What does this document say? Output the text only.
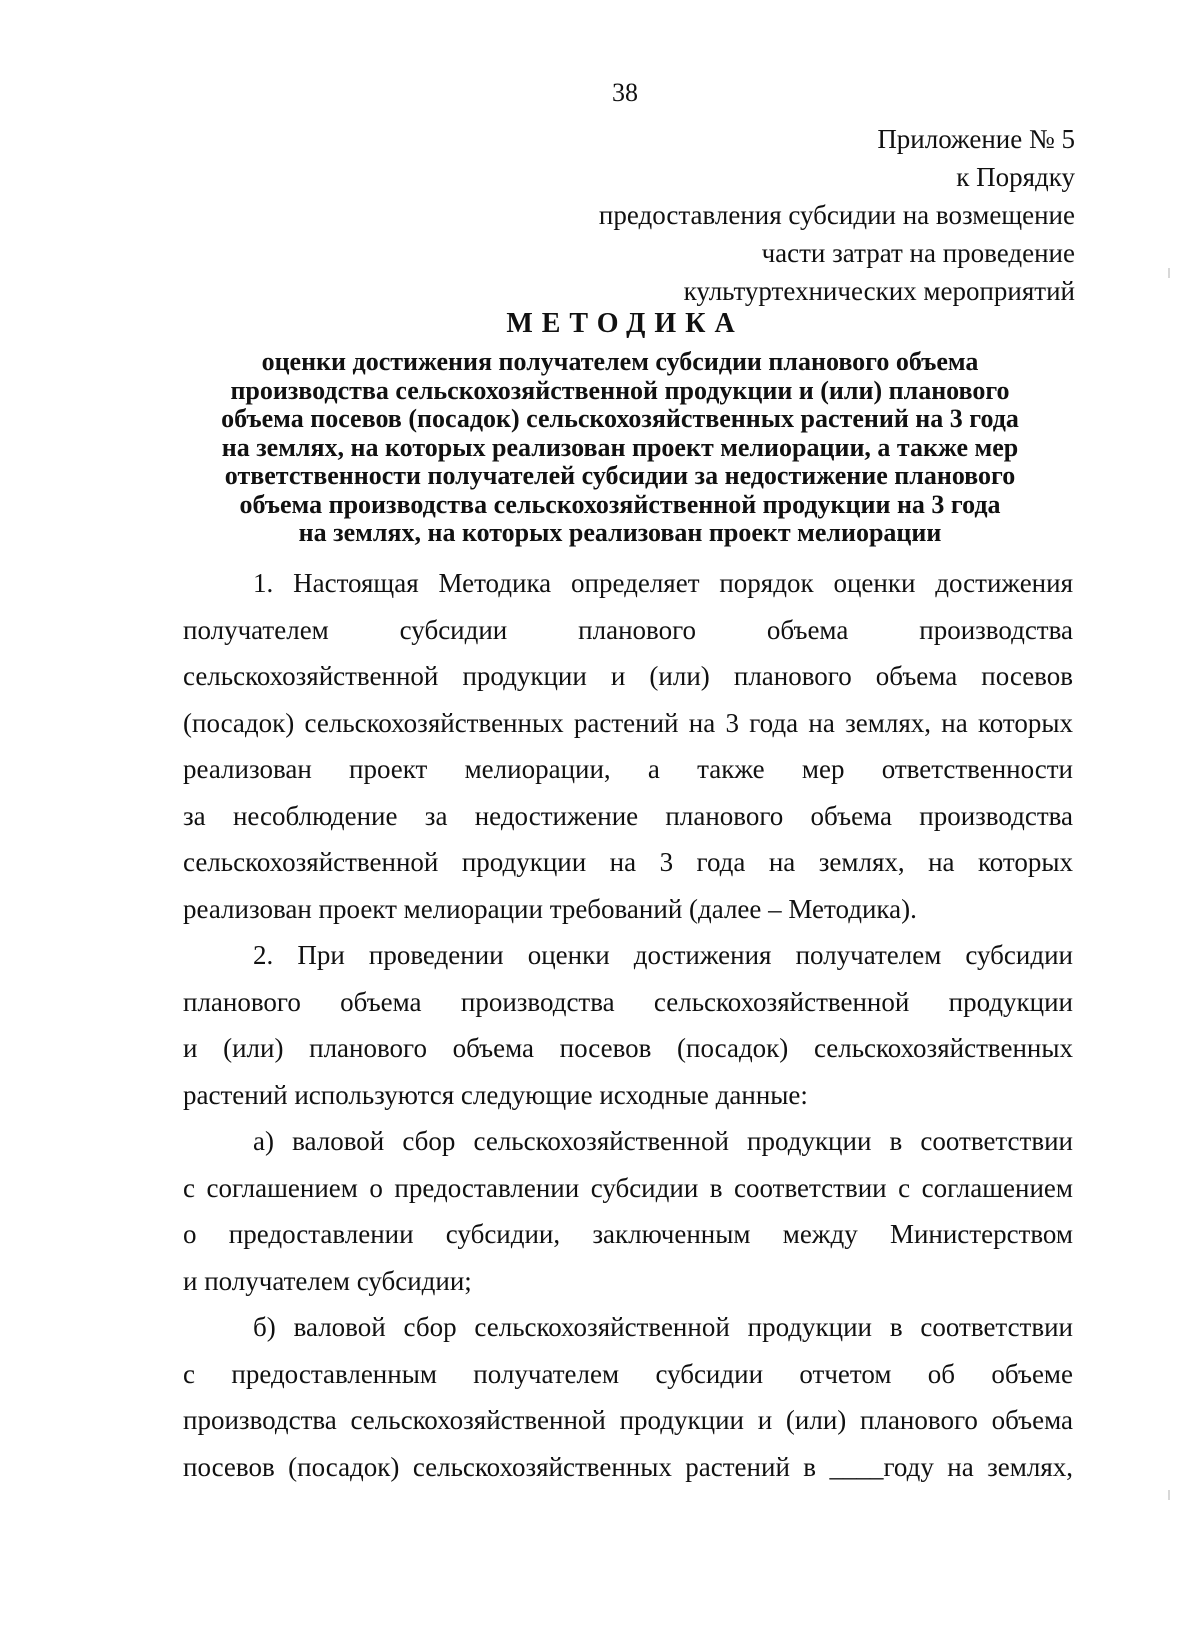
38
Приложение № 5
к Порядку
предоставления субсидии на возмещение
части затрат на проведение
культуртехнических мероприятий
МЕТОДИКА
оценки достижения получателем субсидии планового объема
производства сельскохозяйственной продукции и (или) планового
объема посевов (посадок) сельскохозяйственных растений на 3 года
на землях, на которых реализован проект мелиорации, а также мер
ответственности получателей субсидии за недостижение планового
объема производства сельскохозяйственной продукции на 3 года
на землях, на которых реализован проект мелиорации
1. Настоящая Методика определяет порядок оценки достижения
получателем субсидии планового объема производства
сельскохозяйственной продукции и (или) планового объема посевов
(посадок) сельскохозяйственных растений на 3 года на землях, на которых
реализован проект мелиорации, а также мер ответственности
за несоблюдение за недостижение планового объема производства
сельскохозяйственной продукции на 3 года на землях, на которых
реализован проект мелиорации требований (далее – Методика).
2. При проведении оценки достижения получателем субсидии
планового объема производства сельскохозяйственной продукции
и (или) планового объема посевов (посадок) сельскохозяйственных
растений используются следующие исходные данные:
а) валовой сбор сельскохозяйственной продукции в соответствии
с соглашением о предоставлении субсидии в соответствии с соглашением
о предоставлении субсидии, заключенным между Министерством
и получателем субсидии;
б) валовой сбор сельскохозяйственной продукции в соответствии
с предоставленным получателем субсидии отчетом об объеме
производства сельскохозяйственной продукции и (или) планового объема
посевов (посадок) сельскохозяйственных растений в ____году на землях,
